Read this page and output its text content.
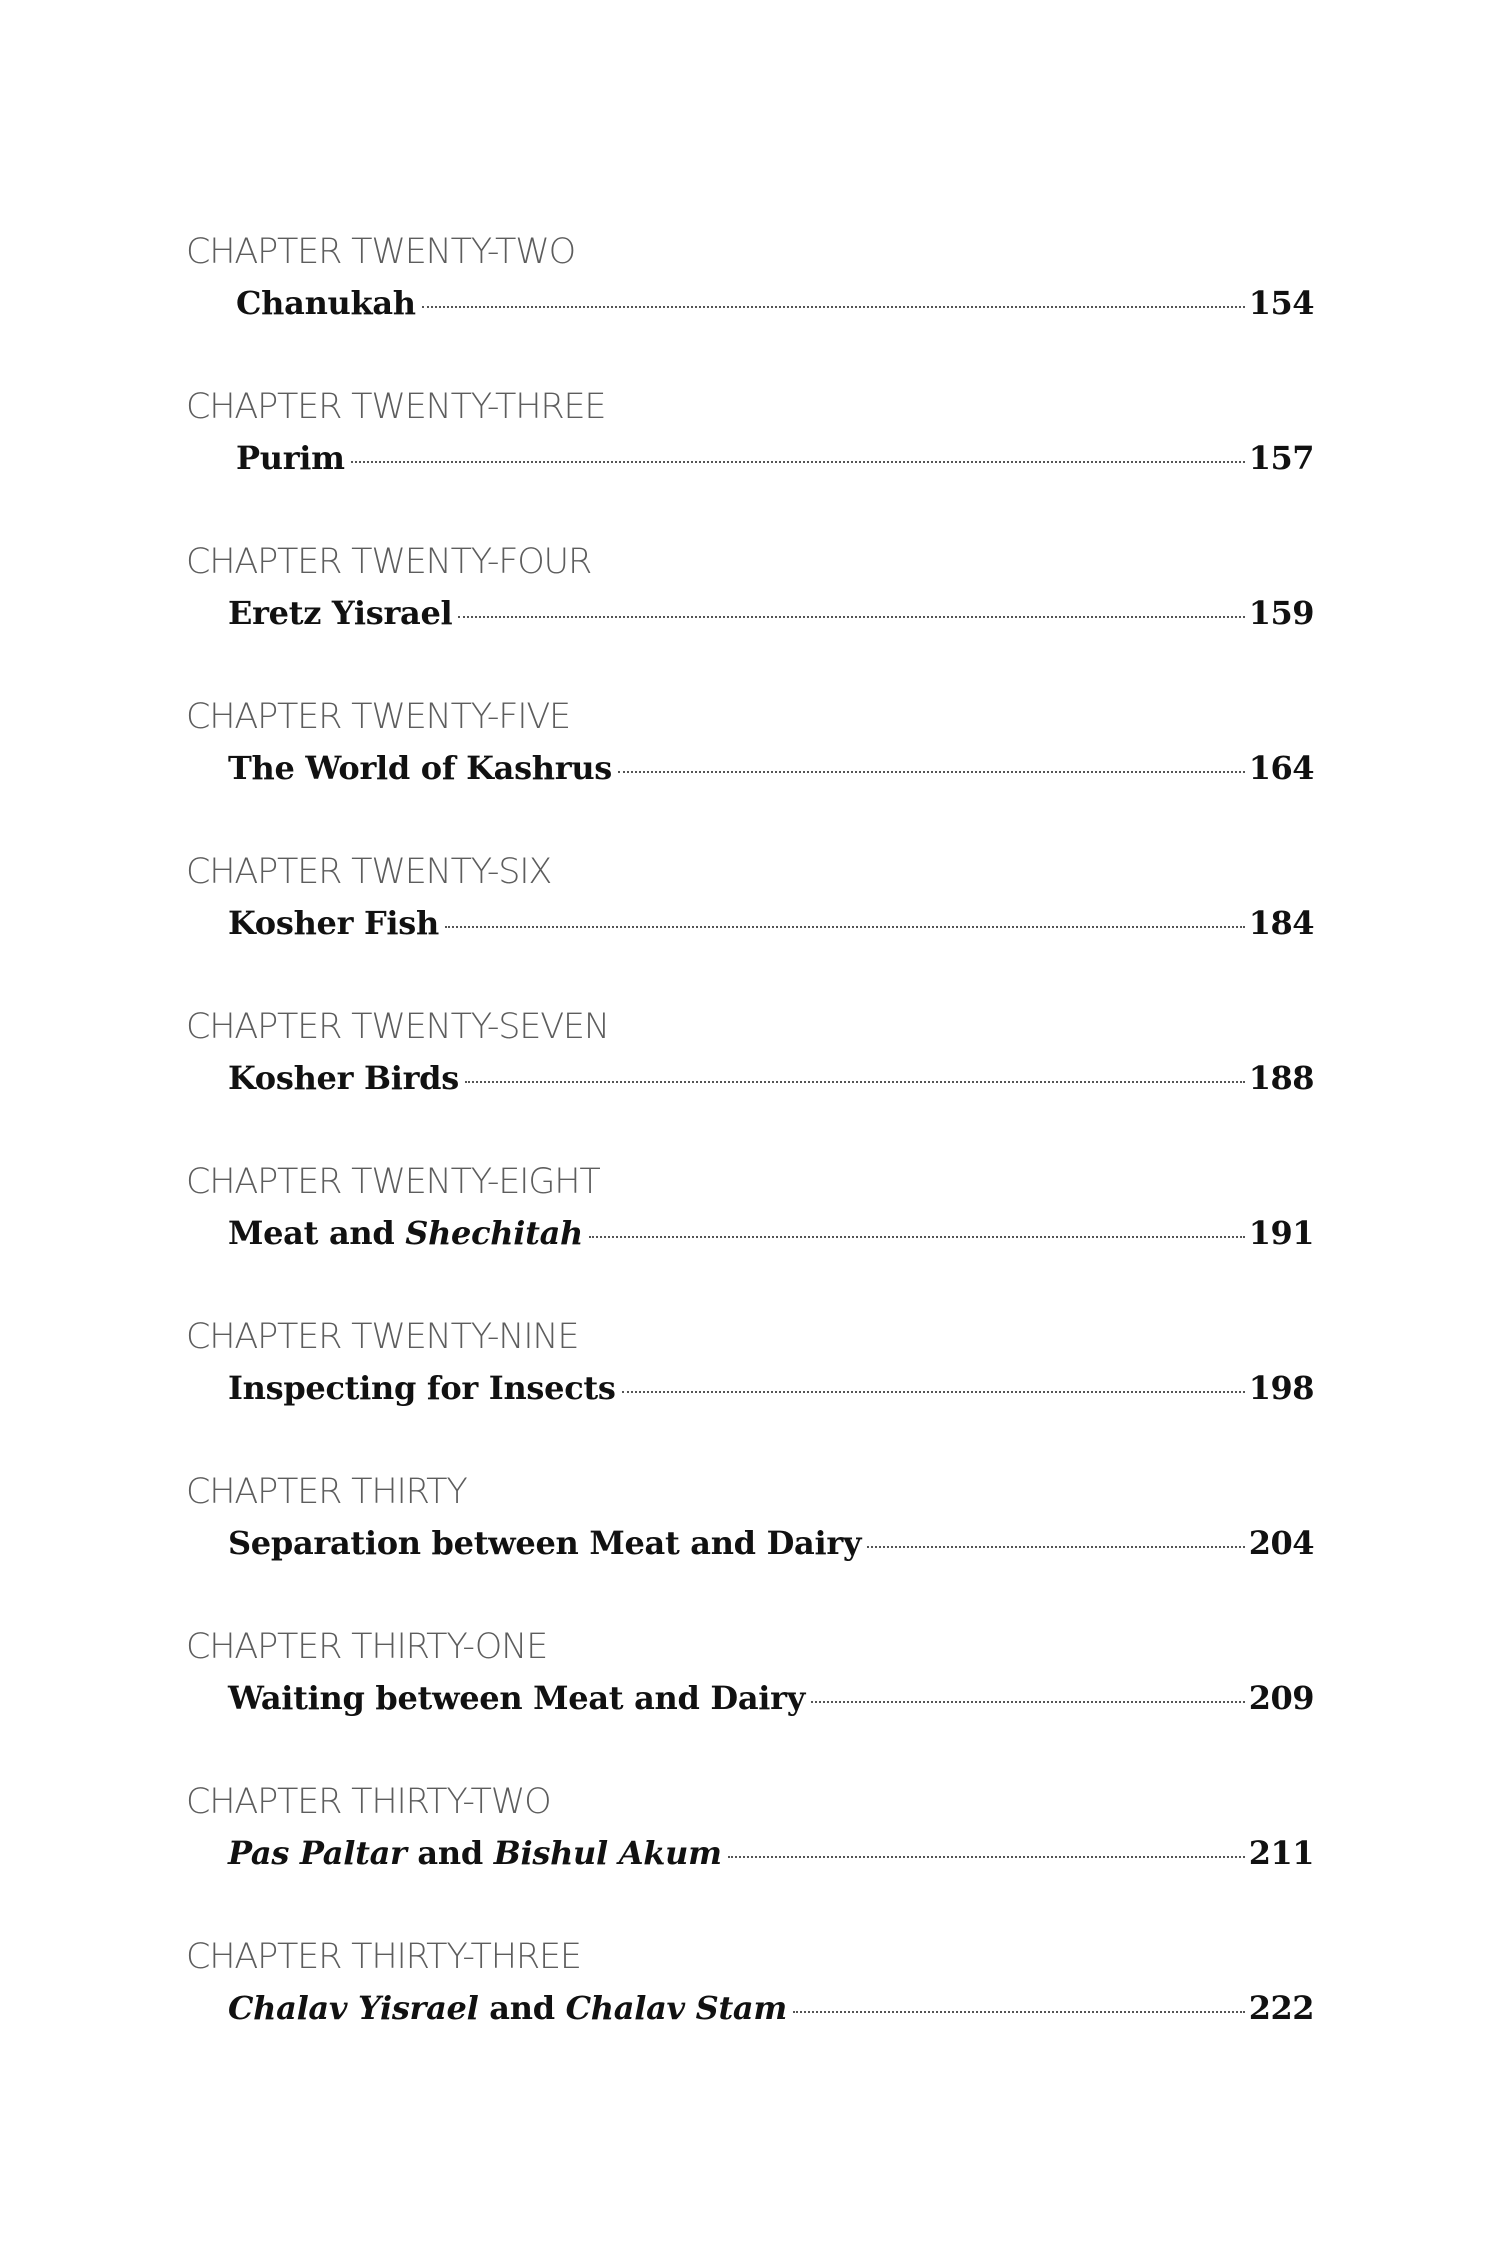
CHAPTER TWENTY-TWO
Chanukah	154
CHAPTER TWENTY-THREE
Purim	157
CHAPTER TWENTY-FOUR
Eretz Yisrael	159
CHAPTER TWENTY-FIVE
The World of Kashrus	164
CHAPTER TWENTY-SIX
Kosher Fish	184
CHAPTER TWENTY-SEVEN
Kosher Birds	188
CHAPTER TWENTY-EIGHT
Meat and Shechitah	191
CHAPTER TWENTY-NINE
Inspecting for Insects	198
CHAPTER THIRTY
Separation between Meat and Dairy	204
CHAPTER THIRTY-ONE
Waiting between Meat and Dairy	209
CHAPTER THIRTY-TWO
Pas Paltar and Bishul Akum	211
CHAPTER THIRTY-THREE
Chalav Yisrael and Chalav Stam	222
